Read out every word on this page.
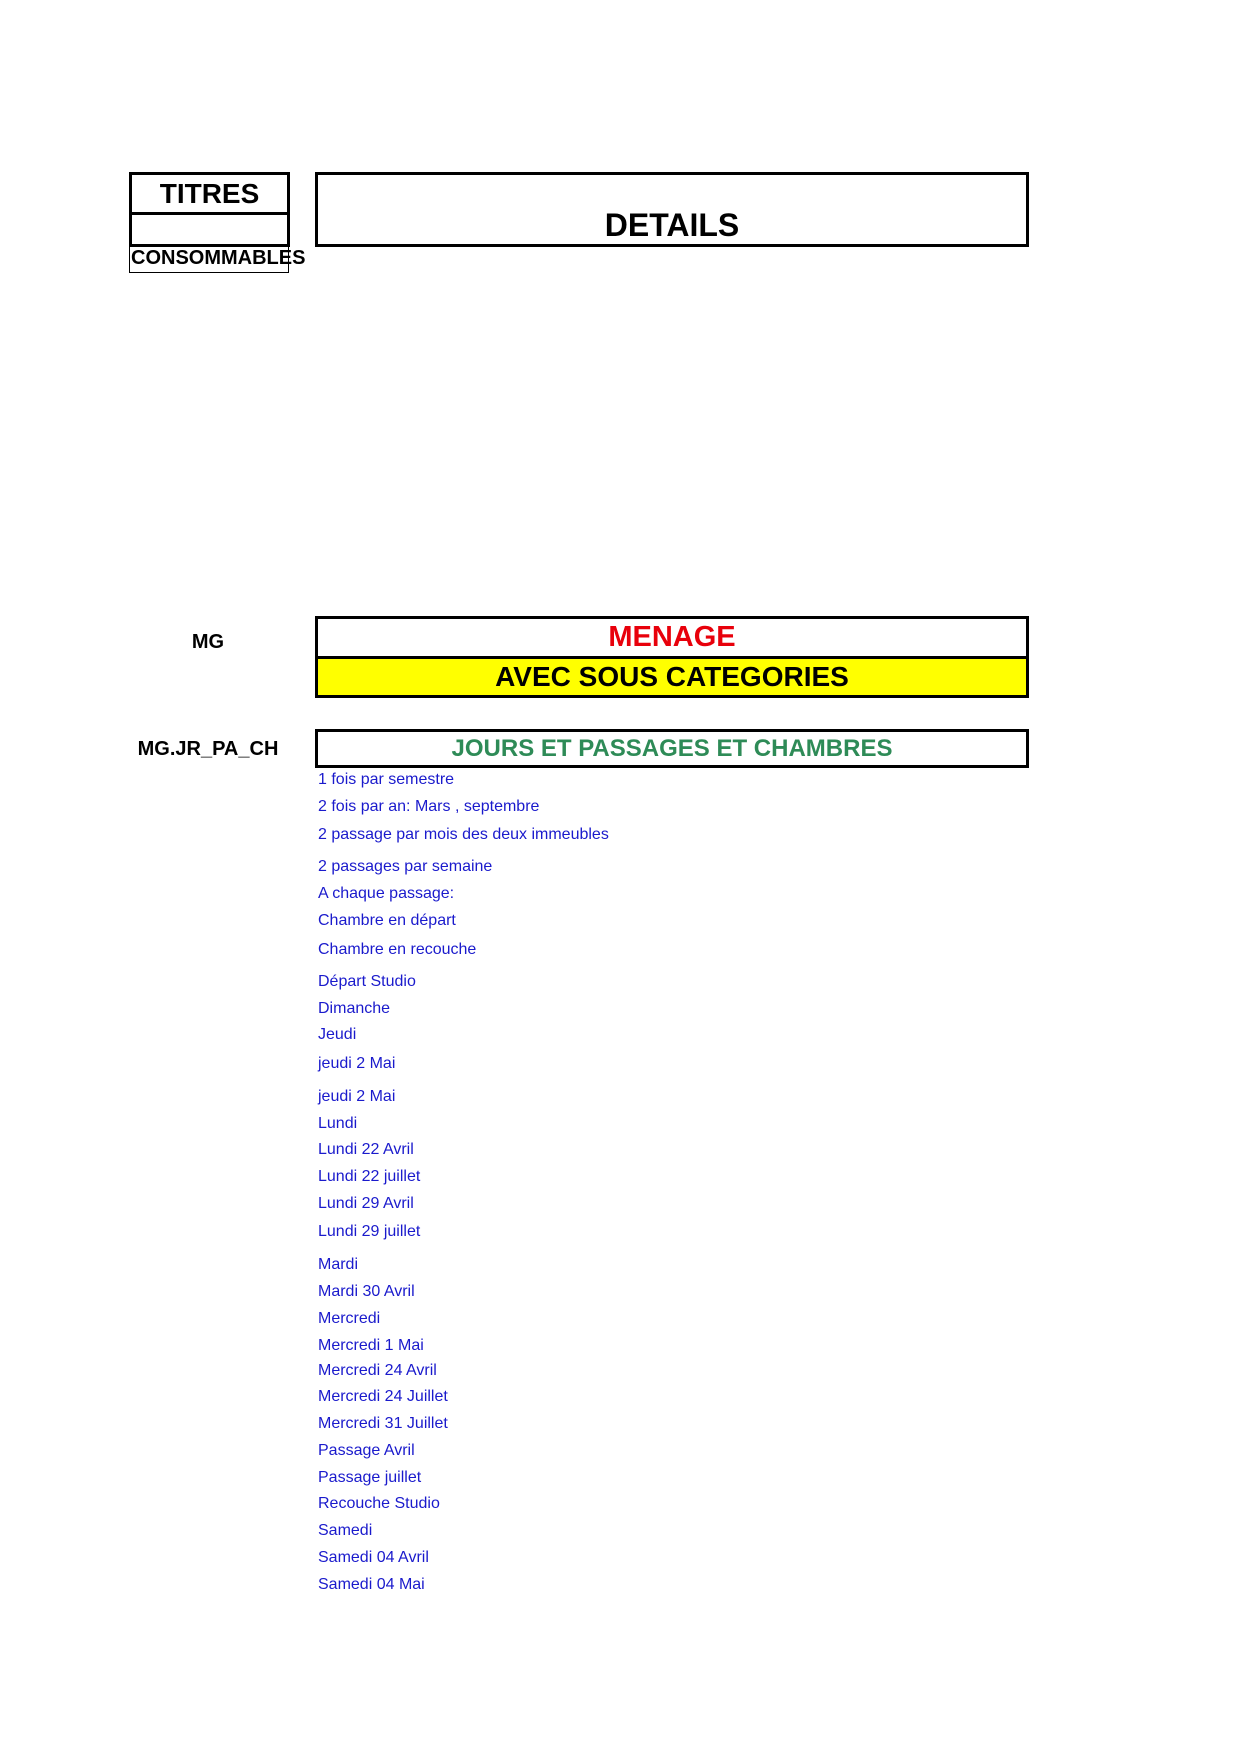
TITRES
CONSOMMABLES
DETAILS
MG	MENAGE
AVEC SOUS CATEGORIES
MG.JR_PA_CH	JOURS ET PASSAGES ET CHAMBRES
1 fois par semestre
2 fois par an: Mars , septembre
2 passage par mois des deux immeubles
2 passages par semaine
A chaque passage:
Chambre en départ
Chambre en recouche
Départ Studio
Dimanche
Jeudi
jeudi 2 Mai
jeudi 2 Mai
Lundi
Lundi 22 Avril
Lundi 22 juillet
Lundi 29 Avril
Lundi 29 juillet
Mardi
Mardi 30 Avril
Mercredi
Mercredi 1 Mai
Mercredi 24 Avril
Mercredi 24 Juillet
Mercredi 31 Juillet
Passage Avril
Passage juillet
Recouche Studio
Samedi
Samedi 04 Avril
Samedi 04 Mai
